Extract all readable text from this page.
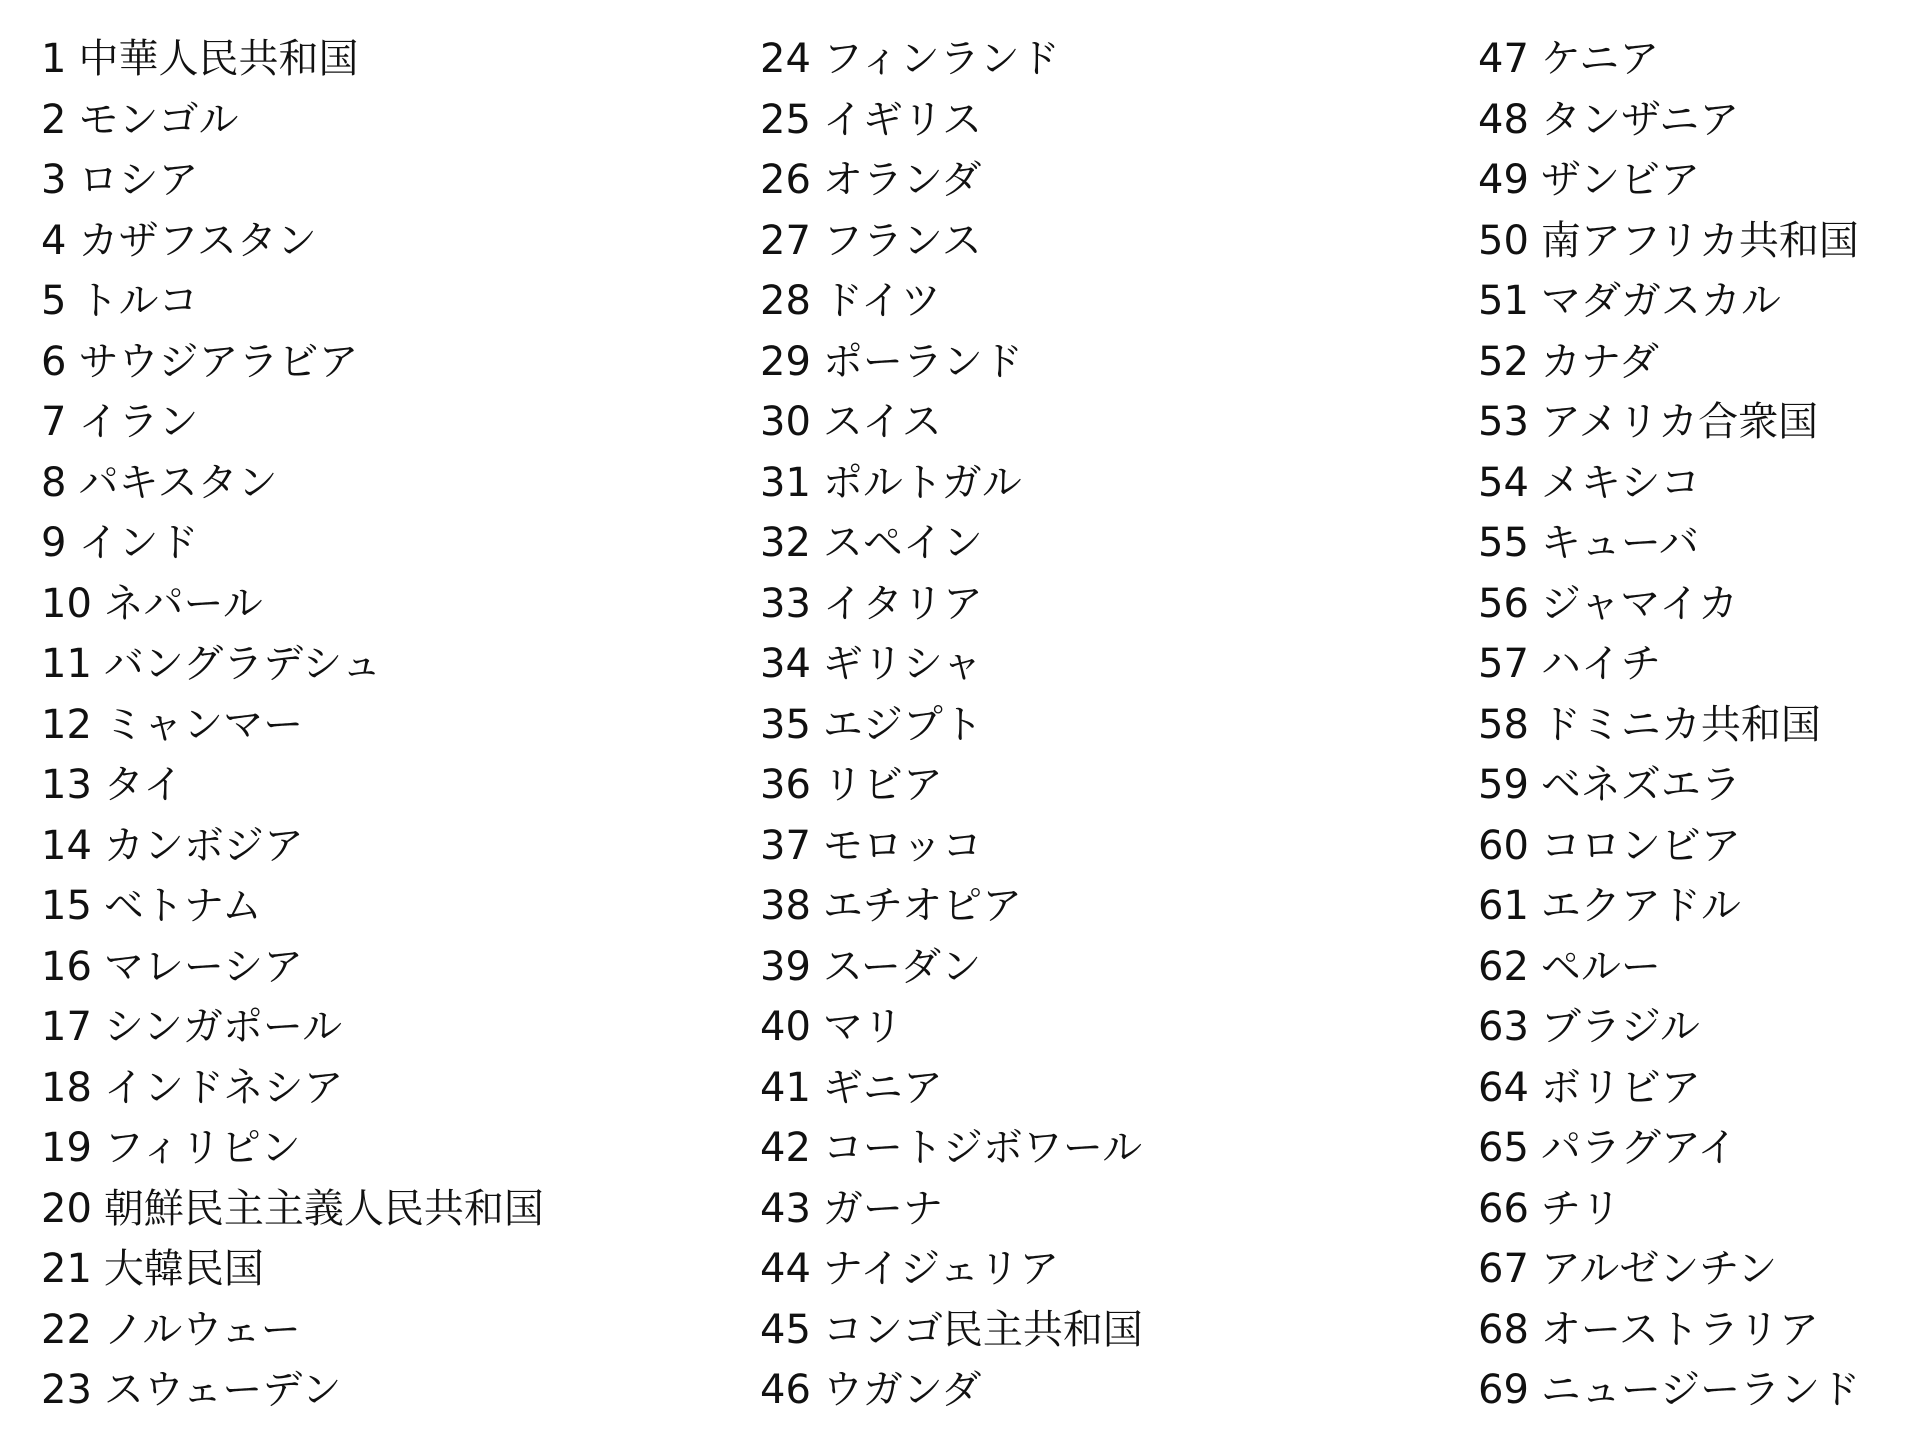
1 中華人民共和国
2 モンゴル
3 ロシア
4 カザフスタン
5 トルコ
6 サウジアラビア
7 イラン
8 パキスタン
9 インド
10 ネパール
11 バングラデシュ
12 ミャンマー
13 タイ
14 カンボジア
15 ベトナム
16 マレーシア
17 シンガポール
18 インドネシア
19 フィリピン
20 朝鮮民主主義人民共和国
21 大韓民国
22 ノルウェー
23 スウェーデン
24 フィンランド
25 イギリス
26 オランダ
27 フランス
28 ドイツ
29 ポーランド
30 スイス
31 ポルトガル
32 スペイン
33 イタリア
34 ギリシャ
35 エジプト
36 リビア
37 モロッコ
38 エチオピア
39 スーダン
40 マリ
41 ギニア
42 コートジボワール
43 ガーナ
44 ナイジェリア
45 コンゴ民主共和国
46 ウガンダ
47 ケニア
48 タンザニア
49 ザンビア
50 南アフリカ共和国
51 マダガスカル
52 カナダ
53 アメリカ合衆国
54 メキシコ
55 キューバ
56 ジャマイカ
57 ハイチ
58 ドミニカ共和国
59 ベネズエラ
60 コロンビア
61 エクアドル
62 ペルー
63 ブラジル
64 ボリビア
65 パラグアイ
66 チリ
67 アルゼンチン
68 オーストラリア
69 ニュージーランド
